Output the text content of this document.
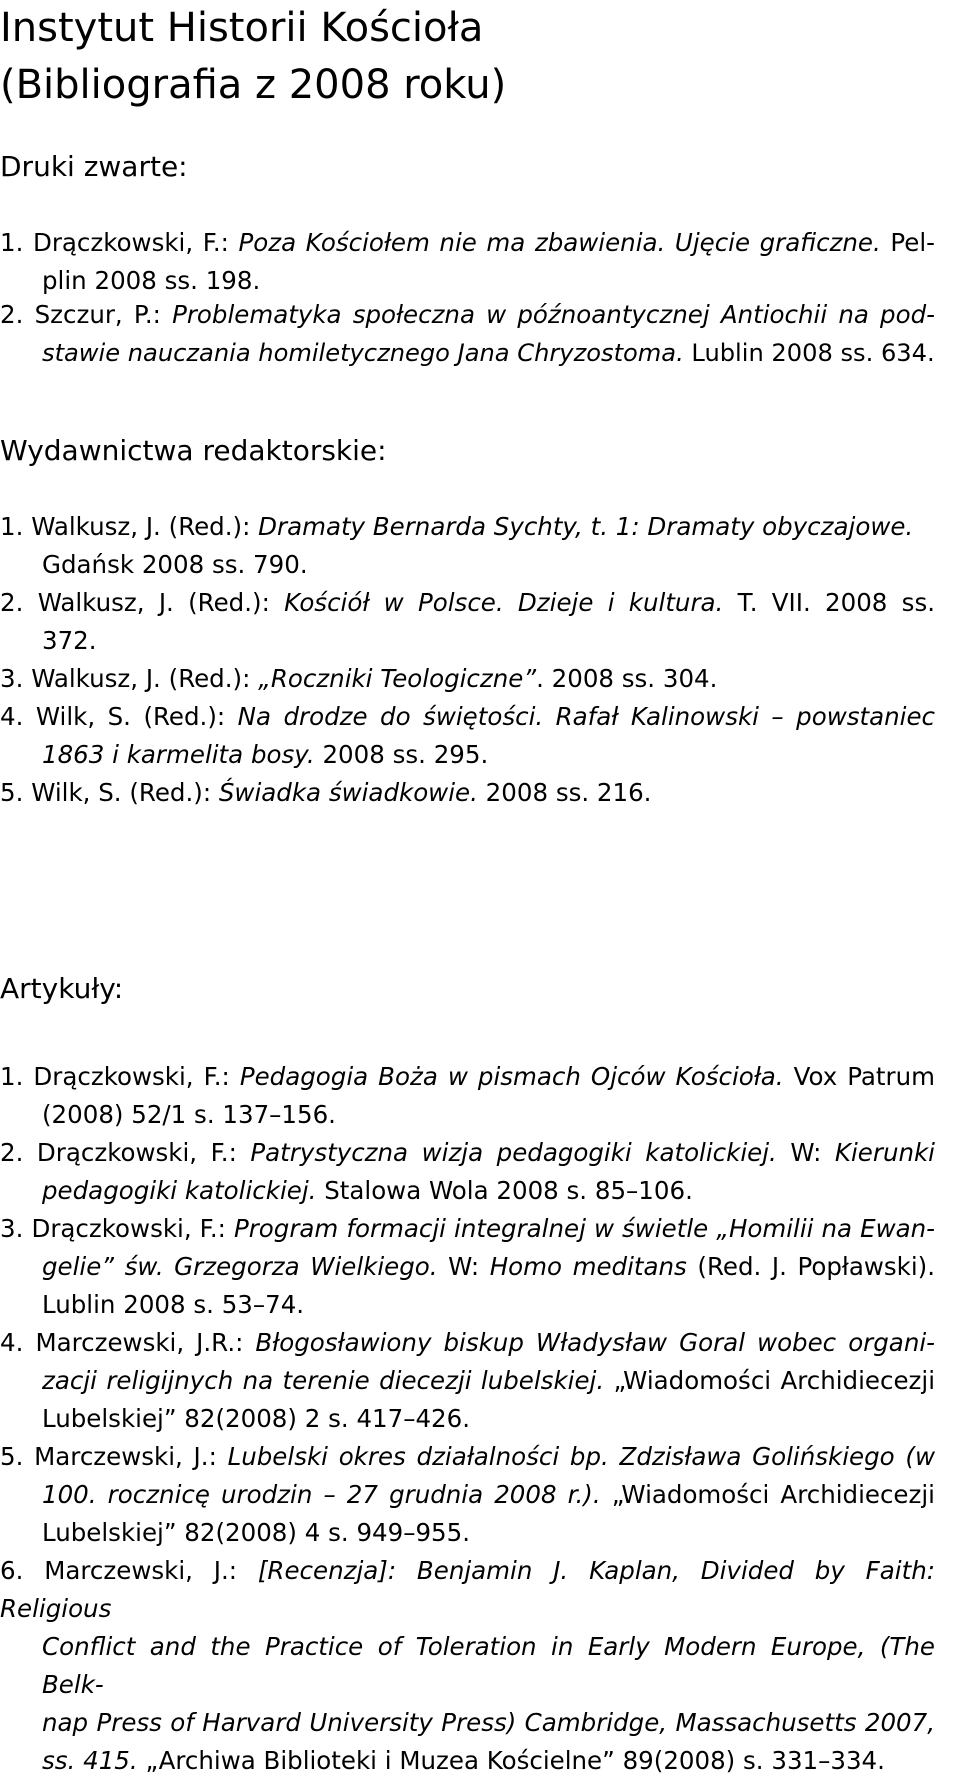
Instytut Historii Kościoła
(Bibliografia z 2008 roku)
Druki zwarte:
1. Drączkowski, F.: Poza Kościołem nie ma zbawienia. Ujęcie graficzne. Pel-
plin 2008 ss. 198.
2. Szczur, P.: Problematyka społeczna w późnoantycznej Antiochii na pod-
stawie nauczania homiletycznego Jana Chryzostoma. Lublin 2008 ss. 634.
Wydawnictwa redaktorskie:
1. Walkusz, J. (Red.): Dramaty Bernarda Sychty, t. 1: Dramaty obyczajowe.
Gdańsk 2008 ss. 790.
2. Walkusz, J. (Red.): Kościół w Polsce. Dzieje i kultura. T. VII. 2008 ss.
372.
3. Walkusz, J. (Red.): „Roczniki Teologiczne”. 2008 ss. 304.
4. Wilk, S. (Red.): Na drodze do świętości. Rafał Kalinowski – powstaniec
1863 i karmelita bosy. 2008 ss. 295.
5. Wilk, S. (Red.): Świadka świadkowie. 2008 ss. 216.
Artykuły:
1. Drączkowski, F.: Pedagogia Boża w pismach Ojców Kościoła. Vox Patrum
(2008) 52/1 s. 137–156.
2. Drączkowski, F.: Patrystyczna wizja pedagogiki katolickiej. W: Kierunki
pedagogiki katolickiej. Stalowa Wola 2008 s. 85–106.
3. Drączkowski, F.: Program formacji integralnej w świetle „Homilii na Ewan-
gelie” św. Grzegorza Wielkiego. W: Homo meditans (Red. J. Popławski).
Lublin 2008 s. 53–74.
4. Marczewski, J.R.: Błogosławiony biskup Władysław Goral wobec organi-
zacji religijnych na terenie diecezji lubelskiej. „Wiadomości Archidiecezji
Lubelskiej” 82(2008) 2 s. 417–426.
5. Marczewski, J.: Lubelski okres działalności bp. Zdzisława Golińskiego (w
100. rocznicę urodzin – 27 grudnia 2008 r.). „Wiadomości Archidiecezji
Lubelskiej” 82(2008) 4 s. 949–955.
6. Marczewski, J.: [Recenzja]: Benjamin J. Kaplan, Divided by Faith: Religious
Conflict and the Practice of Toleration in Early Modern Europe, (The Belk-
nap Press of Harvard University Press) Cambridge, Massachusetts 2007,
ss. 415. „Archiwa Biblioteki i Muzea Kościelne” 89(2008) s. 331–334.
